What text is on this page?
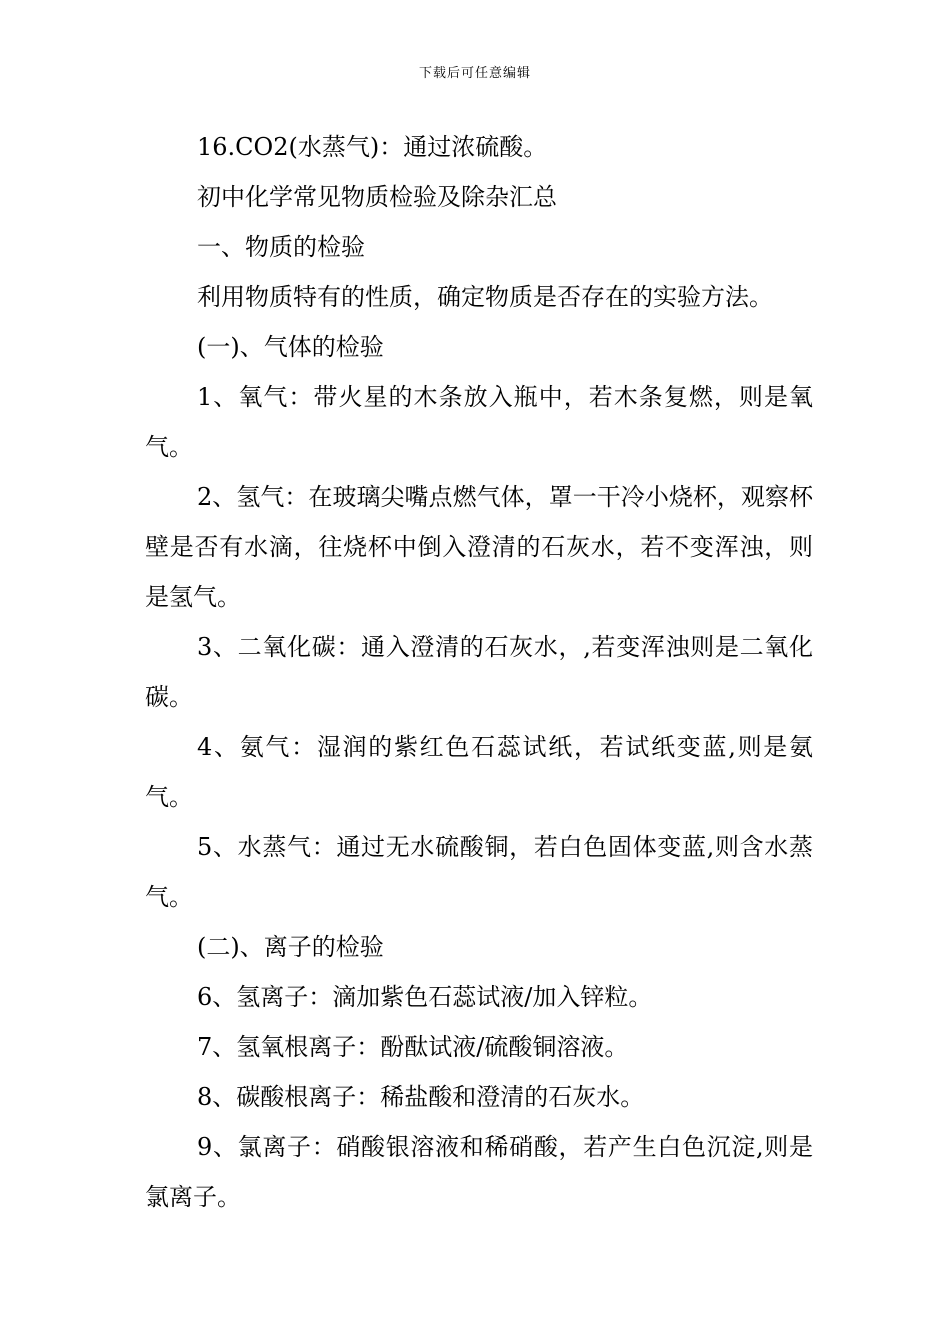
下载后可任意编辑

16.CO2(水蒸气)：通过浓硫酸。

初中化学常见物质检验及除杂汇总

一、物质的检验

利用物质特有的性质，确定物质是否存在的实验方法。

(一)、气体的检验

1、氧气：带火星的木条放入瓶中，若木条复燃，则是氧气。

2、氢气：在玻璃尖嘴点燃气体，罩一干冷小烧杯，观察杯壁是否有水滴，往烧杯中倒入澄清的石灰水，若不变浑浊，则是氢气。

3、二氧化碳：通入澄清的石灰水，,若变浑浊则是二氧化碳。

4、氨气：湿润的紫红色石蕊试纸，若试纸变蓝,则是氨气。

5、水蒸气：通过无水硫酸铜，若白色固体变蓝,则含水蒸气。

(二)、离子的检验

6、氢离子：滴加紫色石蕊试液/加入锌粒。

7、氢氧根离子：酚酞试液/硫酸铜溶液。

8、碳酸根离子：稀盐酸和澄清的石灰水。

9、氯离子：硝酸银溶液和稀硝酸，若产生白色沉淀,则是氯离子。
